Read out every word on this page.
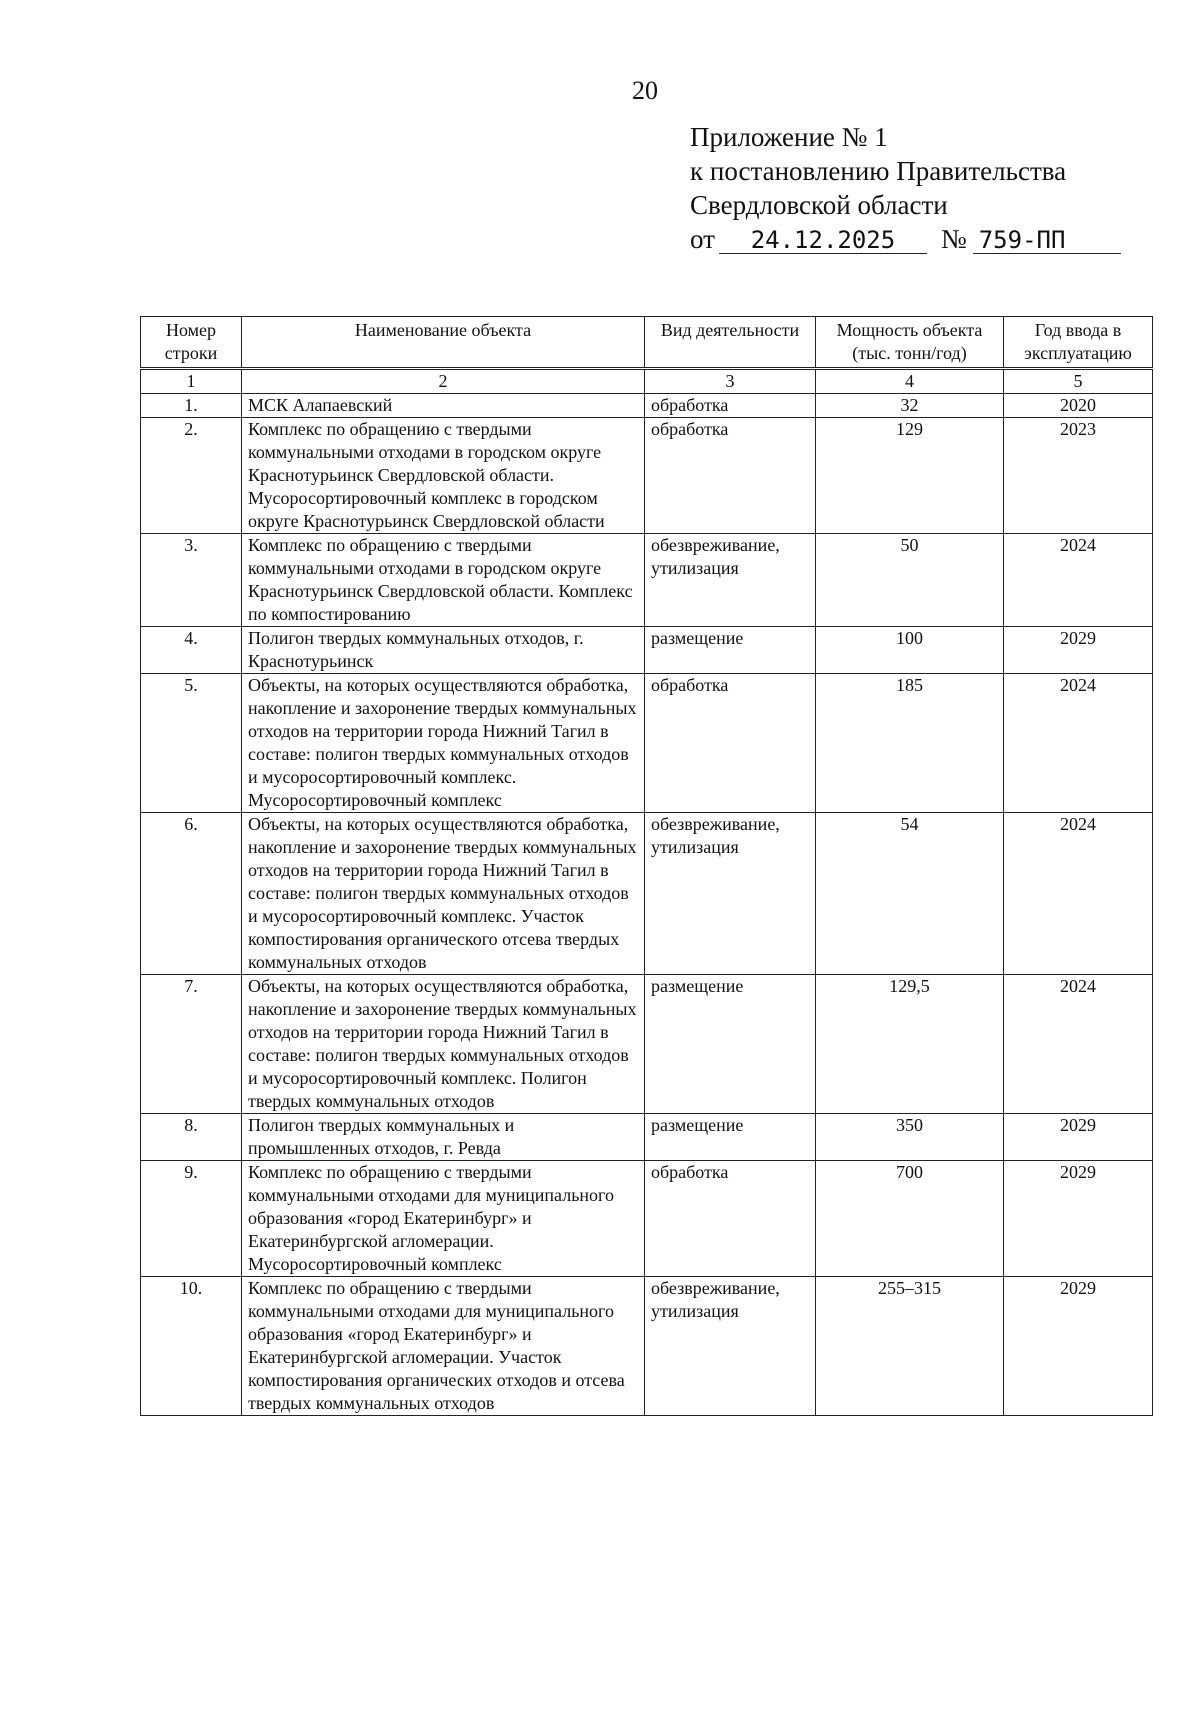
20
Приложение № 1
к постановлению Правительства
Свердловской области
от	24.12.2025	№ 759-ПП
Номер строки	Наименование объекта	Вид деятельности	Мощность объекта (тыс. тонн/год)	Год ввода в эксплуатацию
1	2	3	4	5
1.	МСК Алапаевский	обработка	32	2020
2.	Комплекс по обращению с твердыми коммунальными отходами в городском округе Краснотурьинск Свердловской области. Мусоросортировочный комплекс в городском округе Краснотурьинск Свердловской области	обработка	129	2023
3.	Комплекс по обращению с твердыми коммунальными отходами в городском округе Краснотурьинск Свердловской области. Комплекс по компостированию	обезвреживание, утилизация	50	2024
4.	Полигон твердых коммунальных отходов, г. Краснотурьинск	размещение	100	2029
5.	Объекты, на которых осуществляются обработка, накопление и захоронение твердых коммунальных отходов на территории города Нижний Тагил в составе: полигон твердых коммунальных отходов и мусоросортировочный комплекс. Мусоросортировочный комплекс	обработка	185	2024
6.	Объекты, на которых осуществляются обработка, накопление и захоронение твердых коммунальных отходов на территории города Нижний Тагил в составе: полигон твердых коммунальных отходов и мусоросортировочный комплекс. Участок компостирования органического отсева твердых коммунальных отходов	обезвреживание, утилизация	54	2024
7.	Объекты, на которых осуществляются обработка, накопление и захоронение твердых коммунальных отходов на территории города Нижний Тагил в составе: полигон твердых коммунальных отходов и мусоросортировочный комплекс. Полигон твердых коммунальных отходов	размещение	129,5	2024
8.	Полигон твердых коммунальных и промышленных отходов, г. Ревда	размещение	350	2029
9.	Комплекс по обращению с твердыми коммунальными отходами для муниципального образования «город Екатеринбург» и Екатеринбургской агломерации. Мусоросортировочный комплекс	обработка	700	2029
10.	Комплекс по обращению с твердыми коммунальными отходами для муниципального образования «город Екатеринбург» и Екатеринбургской агломерации. Участок компостирования органических отходов и отсева твердых коммунальных отходов	обезвреживание, утилизация	255–315	2029
